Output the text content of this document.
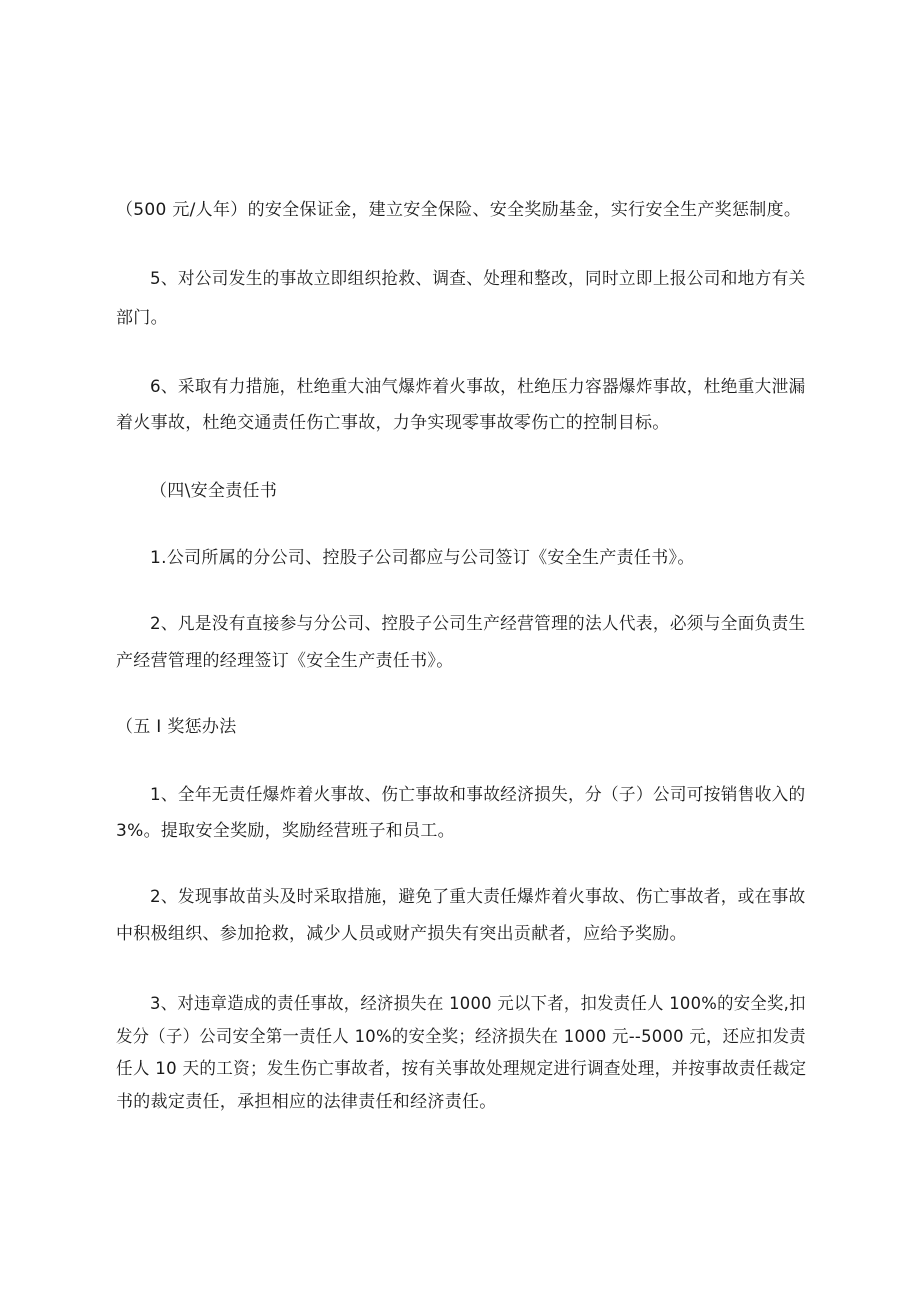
（500 元/人年）的安全保证金，建立安全保险、安全奖励基金，实行安全生产奖惩制度。
5、对公司发生的事故立即组织抢救、调查、处理和整改，同时立即上报公司和地方有关
部门。
6、采取有力措施，杜绝重大油气爆炸着火事故，杜绝压力容器爆炸事故，杜绝重大泄漏
着火事故，杜绝交通责任伤亡事故，力争实现零事故零伤亡的控制目标。
（四\安全责任书
1.公司所属的分公司、控股子公司都应与公司签订《安全生产责任书》。
2、凡是没有直接参与分公司、控股子公司生产经营管理的法人代表，必须与全面负责生
产经营管理的经理签订《安全生产责任书》。
（五 I 奖惩办法
1、全年无责任爆炸着火事故、伤亡事故和事故经济损失，分（子）公司可按销售收入的
3%。提取安全奖励，奖励经营班子和员工。
2、发现事故苗头及时采取措施，避免了重大责任爆炸着火事故、伤亡事故者，或在事故
中积极组织、参加抢救，减少人员或财产损失有突出贡献者，应给予奖励。
3、对违章造成的责任事故，经济损失在 1000 元以下者，扣发责任人 100%的安全奖,扣
发分（子）公司安全第一责任人 10%的安全奖；经济损失在 1000 元--5000 元，还应扣发责
任人 10 天的工资；发生伤亡事故者，按有关事故处理规定进行调查处理，并按事故责任裁定
书的裁定责任，承担相应的法律责任和经济责任。
